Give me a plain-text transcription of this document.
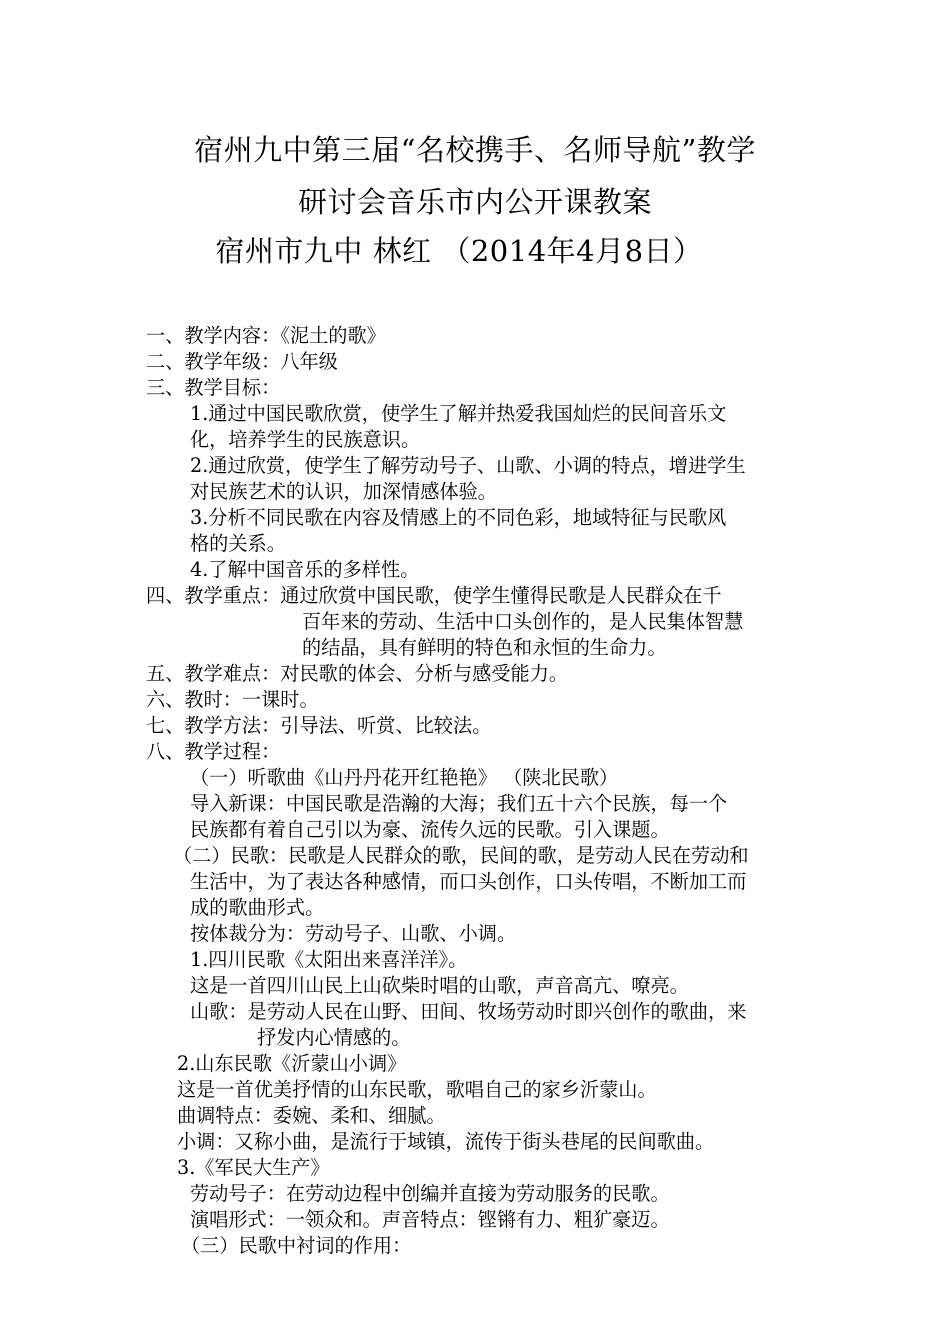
宿州九中第三届“名校携手、名师导航”教学
研讨会音乐市内公开课教案
宿州市九中 林红 （2014年4月8日）
一、教学内容：《泥土的歌》
二、教学年级：八年级
三、教学目标：
1.通过中国民歌欣赏，使学生了解并热爱我国灿烂的民间音乐文
化，培养学生的民族意识。
2.通过欣赏，使学生了解劳动号子、山歌、小调的特点，增进学生
对民族艺术的认识，加深情感体验。
3.分析不同民歌在内容及情感上的不同色彩，地域特征与民歌风
格的关系。
4.了解中国音乐的多样性。
四、教学重点：通过欣赏中国民歌，使学生懂得民歌是人民群众在千
百年来的劳动、生活中口头创作的，是人民集体智慧
的结晶，具有鲜明的特色和永恒的生命力。
五、教学难点：对民歌的体会、分析与感受能力。
六、教时：一课时。
七、教学方法：引导法、听赏、比较法。
八、教学过程：
（一）听歌曲《山丹丹花开红艳艳》 （陕北民歌）
导入新课：中国民歌是浩瀚的大海；我们五十六个民族，每一个
民族都有着自己引以为豪、流传久远的民歌。引入课题。
（二）民歌：民歌是人民群众的歌，民间的歌，是劳动人民在劳动和
生活中，为了表达各种感情，而口头创作，口头传唱，不断加工而
成的歌曲形式。
按体裁分为：劳动号子、山歌、小调。
1.四川民歌《太阳出来喜洋洋》。
这是一首四川山民上山砍柴时唱的山歌，声音高亢、嘹亮。
山歌：是劳动人民在山野、田间、牧场劳动时即兴创作的歌曲，来
抒发内心情感的。
2.山东民歌《沂蒙山小调》
这是一首优美抒情的山东民歌，歌唱自己的家乡沂蒙山。
曲调特点：委婉、柔和、细腻。
小调：又称小曲，是流行于域镇，流传于街头巷尾的民间歌曲。
3.《军民大生产》
劳动号子：在劳动边程中创编并直接为劳动服务的民歌。
演唱形式：一领众和。声音特点：铿锵有力、粗犷豪迈。
（三）民歌中衬词的作用：
